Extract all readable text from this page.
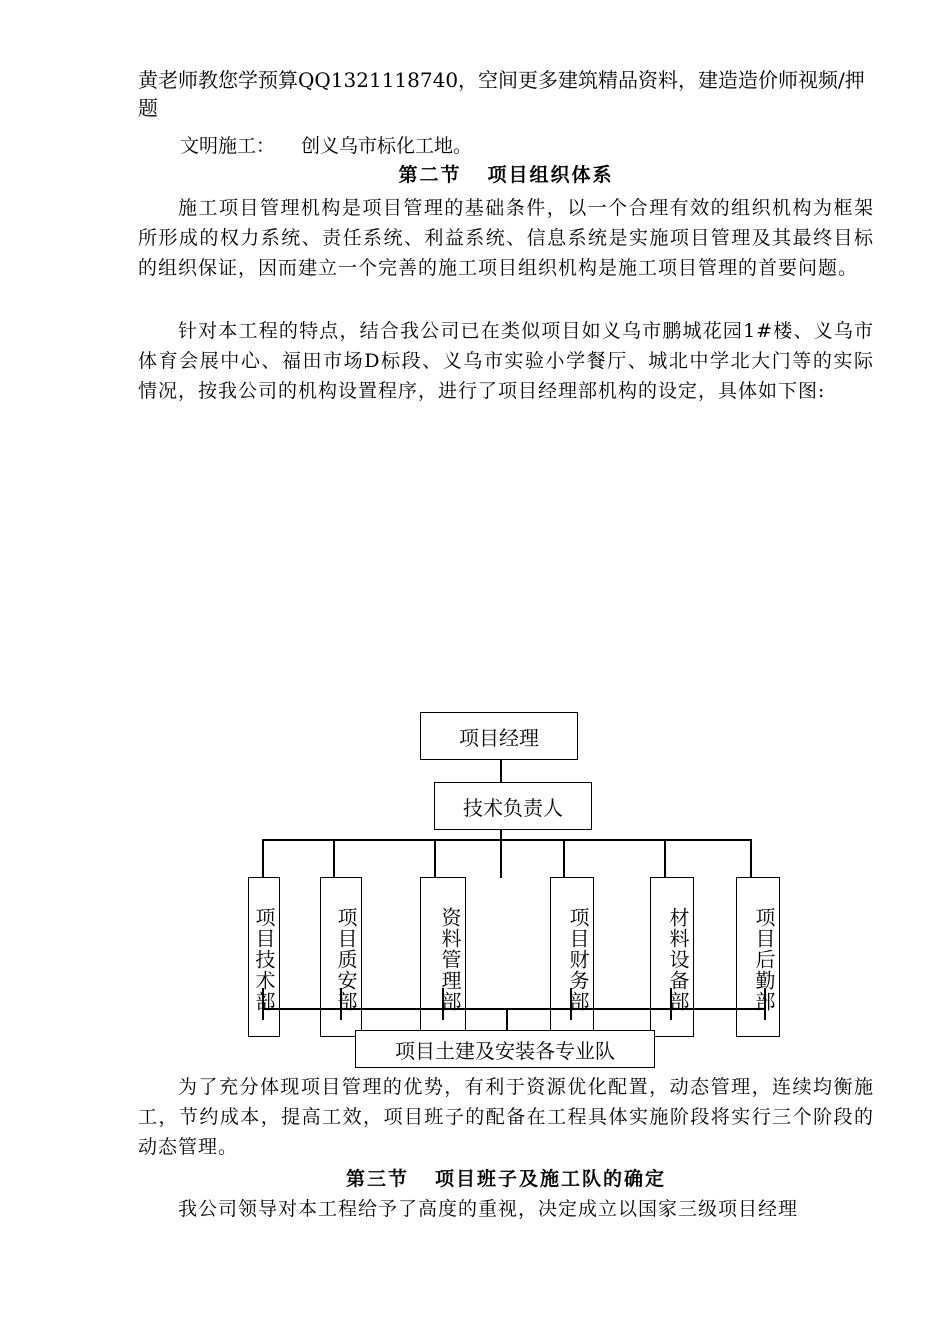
黄老师教您学预算QQ1321118740，空间更多建筑精品资料，建造造价师视频/押题

文明施工： 创义乌市标化工地。

第二节 项目组织体系

施工项目管理机构是项目管理的基础条件，以一个合理有效的组织机构为框架所形成的权力系统、责任系统、利益系统、信息系统是实施项目管理及其最终目标的组织保证，因而建立一个完善的施工项目组织机构是施工项目管理的首要问题。

针对本工程的特点，结合我公司已在类似项目如义乌市鹏城花园1#楼、义乌市体育会展中心、福田市场D标段、义乌市实验小学餐厅、城北中学北大门等的实际情况，按我公司的机构设置程序，进行了项目经理部机构的设定，具体如下图:

项目经理
技术负责人
项目技术部	项目质安部	资料管理部	项目财务部	材料设备部	项目后勤部
项目土建及安装各专业队

为了充分体现项目管理的优势，有利于资源优化配置，动态管理，连续均衡施工，节约成本，提高工效，项目班子的配备在工程具体实施阶段将实行三个阶段的动态管理。

第三节 项目班子及施工队的确定

我公司领导对本工程给予了高度的重视，决定成立以国家三级项目经理
